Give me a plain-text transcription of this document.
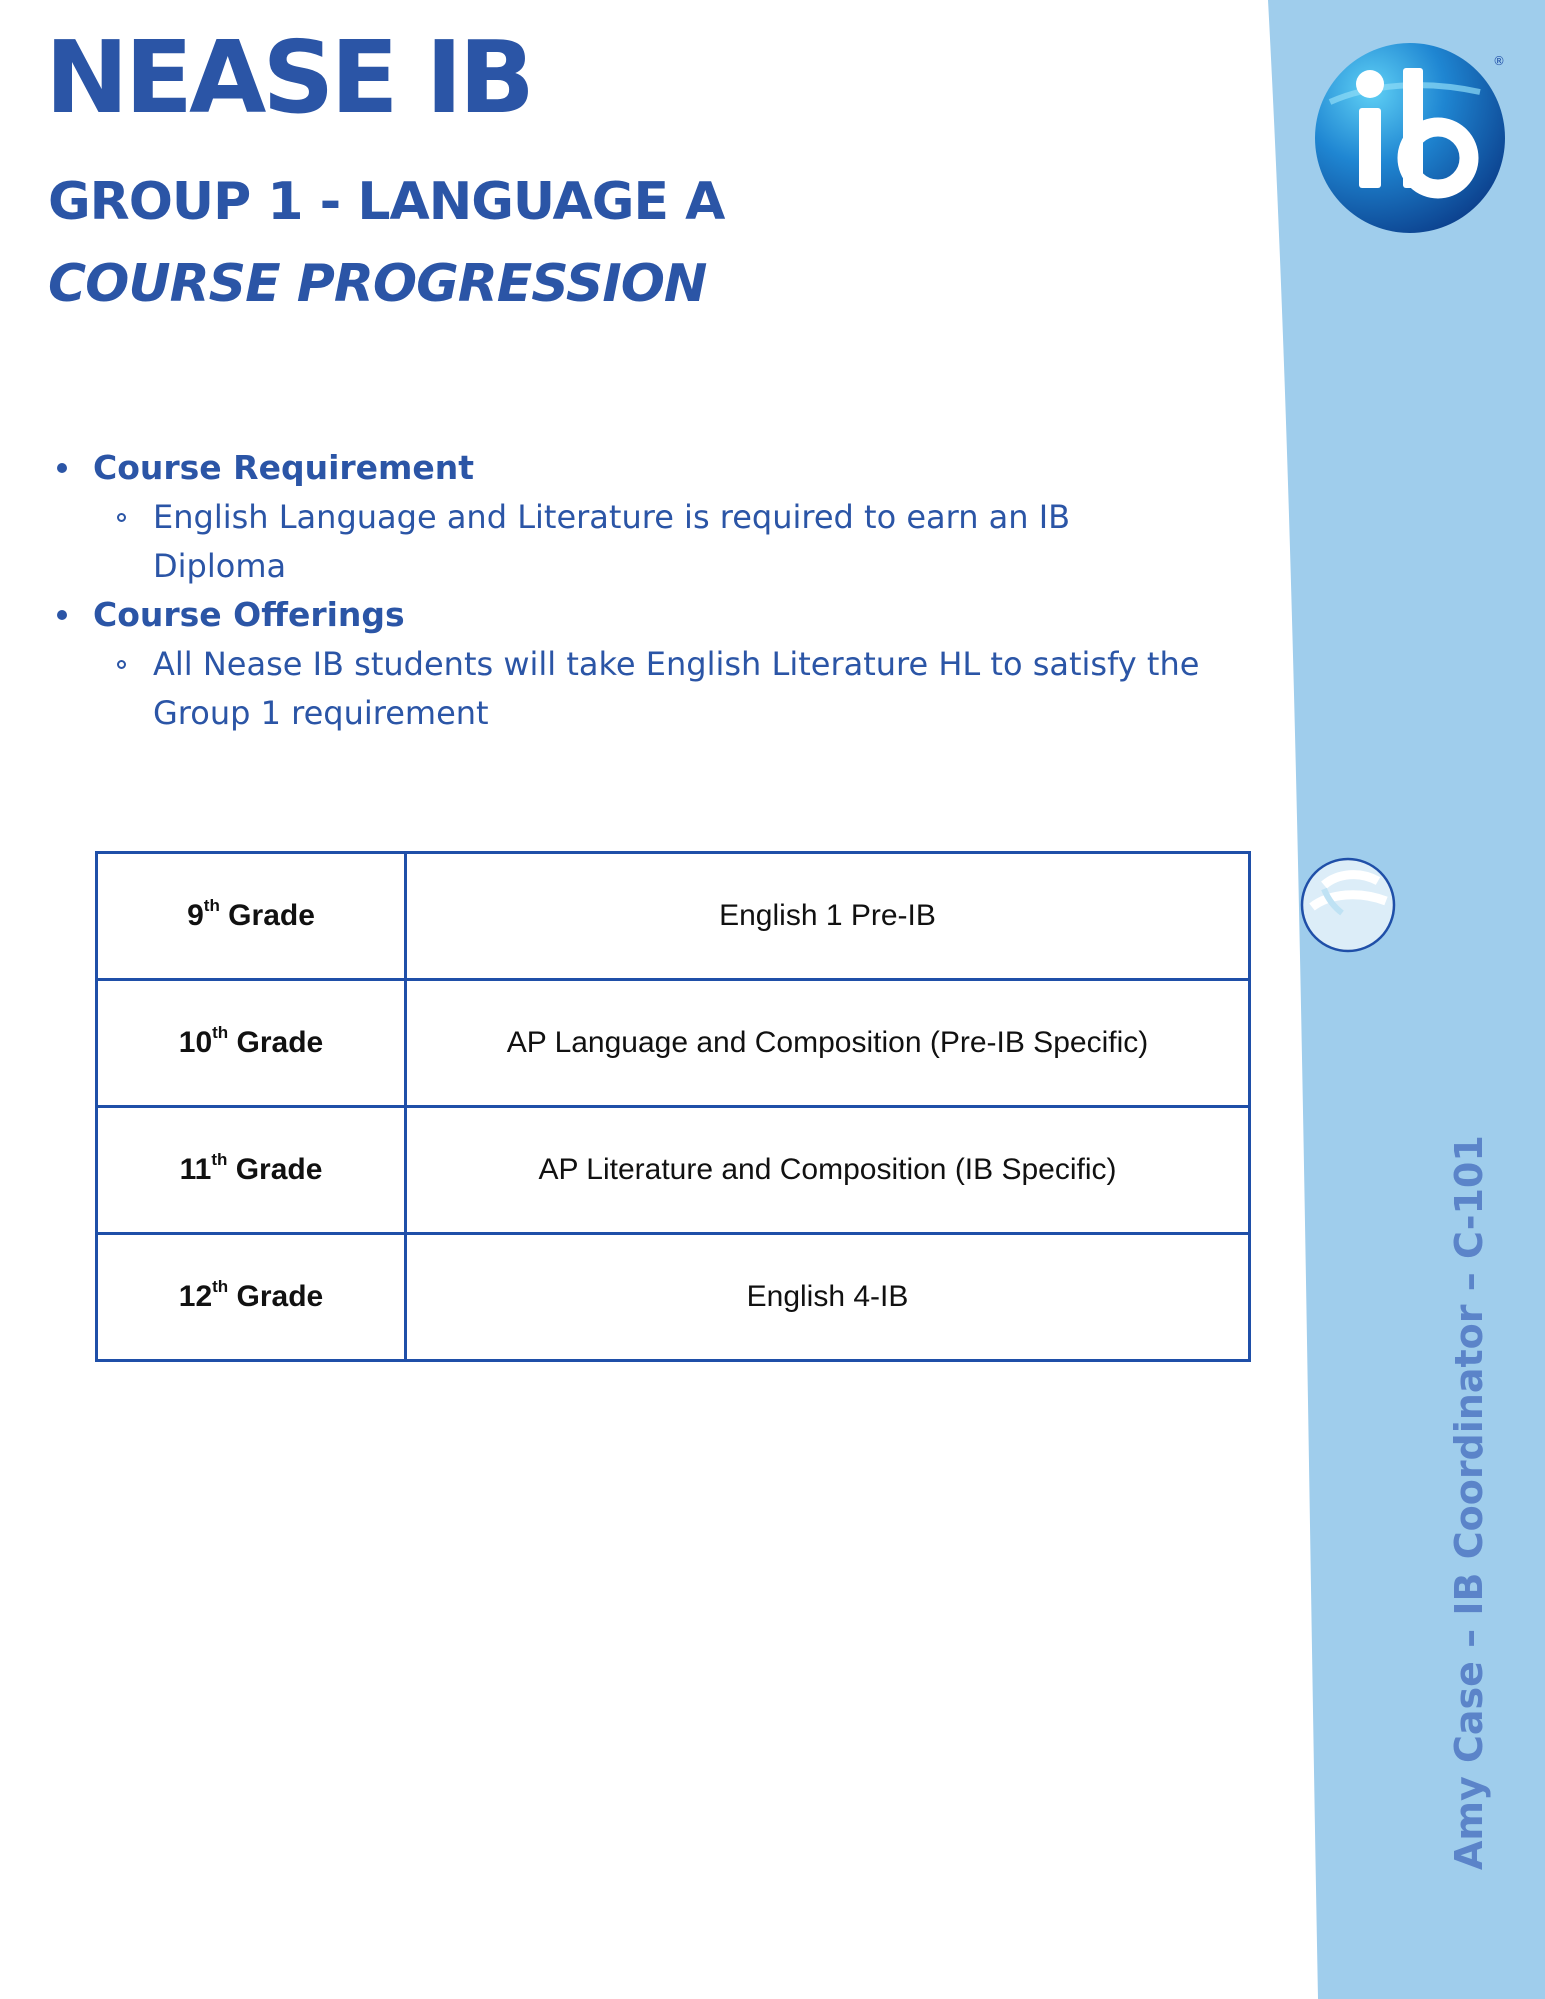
NEASE IB
GROUP 1 - LANGUAGE A
COURSE PROGRESSION
Course Requirement
English Language and Literature is required to earn an IB Diploma
Course Offerings
All Nease IB students will take English Literature HL to satisfy the Group 1 requirement
9th Grade	English 1 Pre-IB
10th Grade	AP Language and Composition (Pre-IB Specific)
11th Grade	AP Literature and Composition (IB Specific)
12th Grade	English 4-IB
®
Amy Case – IB Coordinator – C-101
